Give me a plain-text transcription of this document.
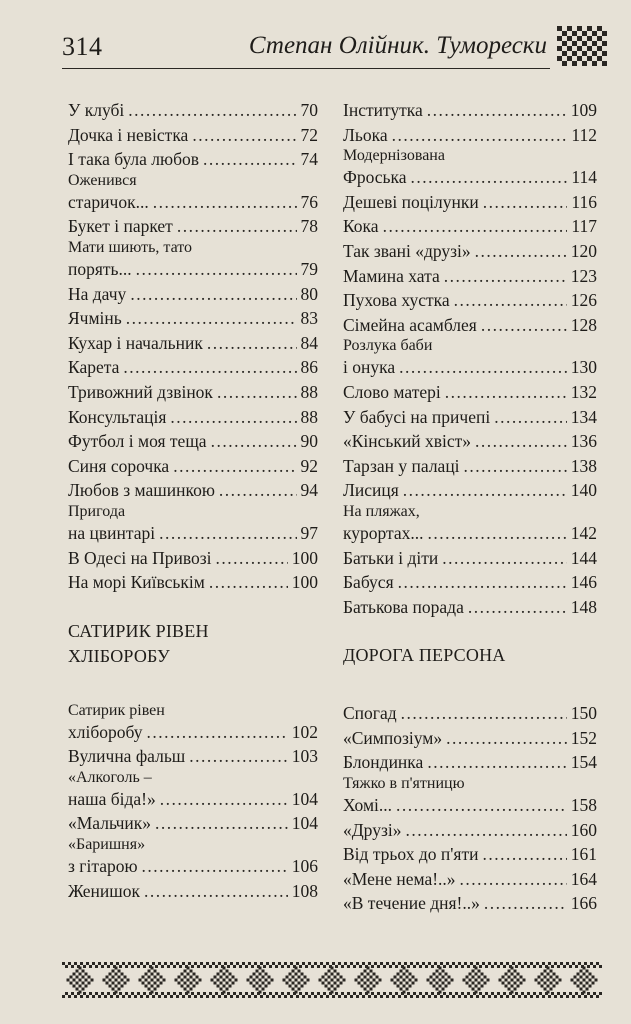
314	Степан Олійник. Туморески
У клубі .....	70
Дочка і невістка .....	72
І така була любов .....	74
Оженився
старичок... .....	76
Букет і паркет .....	78
Мати шиють, тато
порять... .....	79
На дачу .....	80
Ячмінь .....	83
Кухар і начальник .....	84
Карета .....	86
Тривожний дзвінок .....	88
Консультація .....	88
Футбол і моя теща .....	90
Синя сорочка .....	92
Любов з машинкою .....	94
Пригода
на цвинтарі .....	97
В Одесі на Привозі .....	100
На морі Київськім .....	100
САТИРИК РІВЕН
ХЛІБОРОБУ
Сатирик рівен
хліборобу .....	102
Вулична фальш .....	103
«Алкоголь –
наша біда!» .....	104
«Мальчик» .....	104
«Баришня»
з гітарою .....	106
Женишок .....	108
Інститутка .....	109
Льока .....	112
Модернізована
Фроська .....	114
Дешеві поцілунки .....	116
Кока .....	117
Так звані «друзі» .....	120
Мамина хата .....	123
Пухова хустка .....	126
Сімейна асамблея .....	128
Розлука баби
і онука .....	130
Слово матері .....	132
У бабусі на причепі .....	134
«Кінський хвіст» .....	136
Тарзан у палаці .....	138
Лисиця .....	140
На пляжах,
курортах... .....	142
Батьки і діти .....	144
Бабуся .....	146
Батькова порада .....	148
ДОРОГА ПЕРСОНА
Спогад .....	150
«Симпозіум» .....	152
Блондинка .....	154
Тяжко в п'ятницю
Хомі... .....	158
«Друзі» .....	160
Від трьох до п'яти .....	161
«Мене нема!..» .....	164
«В течение дня!..» .....	166
